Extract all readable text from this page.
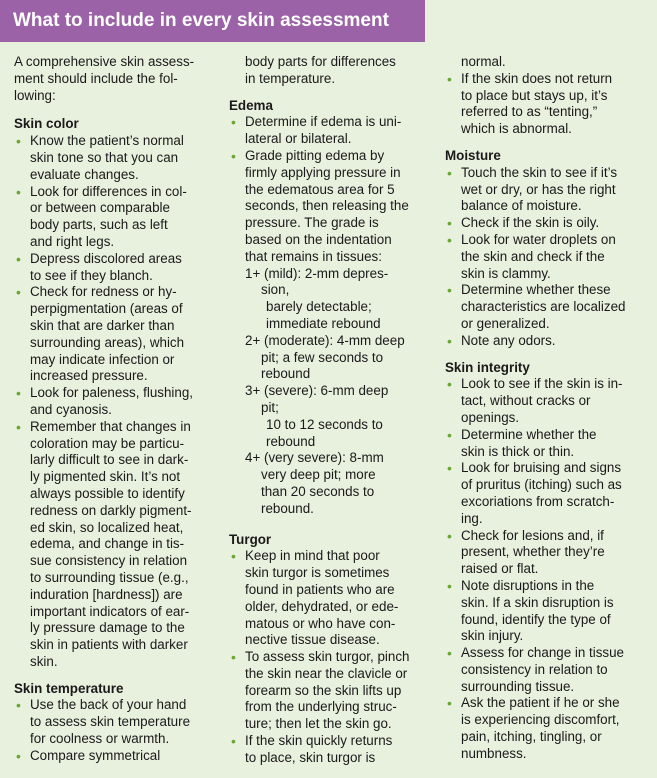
What to include in every skin assessment

A comprehensive skin assess-
ment should include the fol-
lowing:

Skin color
• Know the patient’s normal
skin tone so that you can
evaluate changes.
• Look for differences in col-
or between comparable
body parts, such as left
and right legs.
• Depress discolored areas
to see if they blanch.
• Check for redness or hy-
perpigmentation (areas of
skin that are darker than
surrounding areas), which
may indicate infection or
increased pressure.
• Look for paleness, flushing,
and cyanosis.
• Remember that changes in
coloration may be particu-
larly difficult to see in dark-
ly pigmented skin. It’s not
always possible to identify
redness on darkly pigment-
ed skin, so localized heat,
edema, and change in tis-
sue consistency in relation
to surrounding tissue (e.g.,
induration [hardness]) are
important indicators of ear-
ly pressure damage to the
skin in patients with darker
skin.
Skin temperature
• Use the back of your hand
to assess skin temperature
for coolness or warmth.
• Compare symmetrical
body parts for differences
in temperature.
Edema
• Determine if edema is uni-
lateral or bilateral.
• Grade pitting edema by
firmly applying pressure in
the edematous area for 5
seconds, then releasing the
pressure. The grade is
based on the indentation
that remains in tissues:
1+ (mild): 2-mm depres-
sion,
barely detectable;
immediate rebound
2+ (moderate): 4-mm deep
pit; a few seconds to
rebound
3+ (severe): 6-mm deep
pit;
10 to 12 seconds to
rebound
4+ (very severe): 8-mm
very deep pit; more
than 20 seconds to
rebound.
Turgor
• Keep in mind that poor
skin turgor is sometimes
found in patients who are
older, dehydrated, or ede-
matous or who have con-
nective tissue disease.
• To assess skin turgor, pinch
the skin near the clavicle or
forearm so the skin lifts up
from the underlying struc-
ture; then let the skin go.
• If the skin quickly returns
to place, skin turgor is
normal.
• If the skin does not return
to place but stays up, it’s
referred to as “tenting,”
which is abnormal.
Moisture
• Touch the skin to see if it’s
wet or dry, or has the right
balance of moisture.
• Check if the skin is oily.
• Look for water droplets on
the skin and check if the
skin is clammy.
• Determine whether these
characteristics are localized
or generalized.
• Note any odors.
Skin integrity
• Look to see if the skin is in-
tact, without cracks or
openings.
• Determine whether the
skin is thick or thin.
• Look for bruising and signs
of pruritus (itching) such as
excoriations from scratch-
ing.
• Check for lesions and, if
present, whether they’re
raised or flat.
• Note disruptions in the
skin. If a skin disruption is
found, identify the type of
skin injury.
• Assess for change in tissue
consistency in relation to
surrounding tissue.
• Ask the patient if he or she
is experiencing discomfort,
pain, itching, tingling, or
numbness.
